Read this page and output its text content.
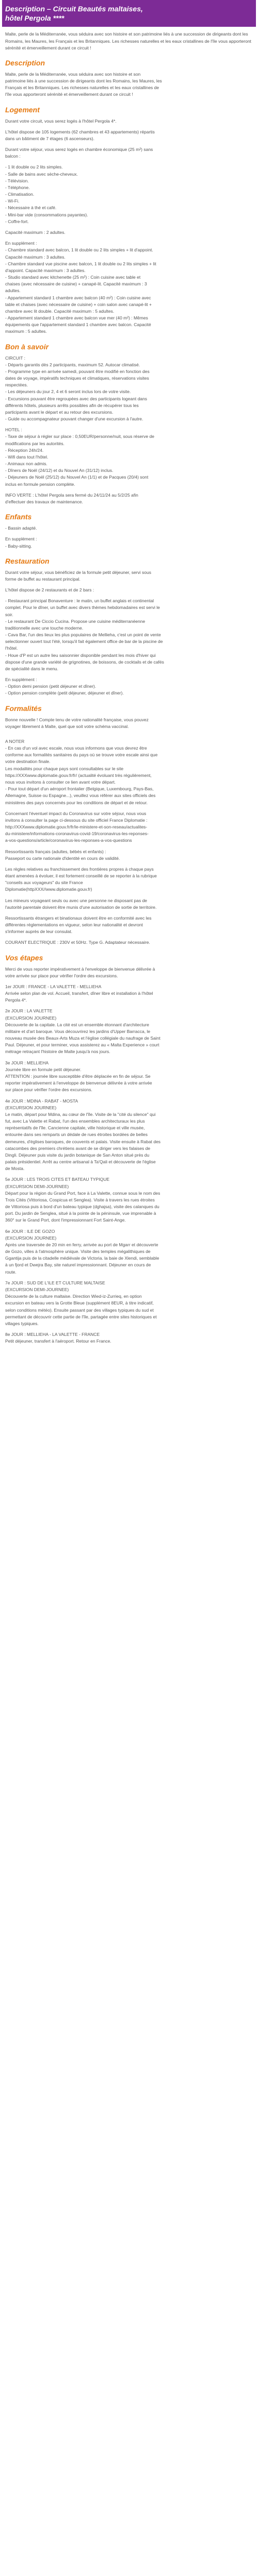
Description – Circuit Beautés maltaises,
hôtel Pergola ****

Malte, perle de la Méditerranée, vous séduira avec son histoire et son patrimoine liés à une succession de dirigeants dont les Romains, les Maures, les Français et les Britanniques. Les richesses naturelles et les eaux cristallines de l'île vous apporteront sérénité et émerveillement durant ce circuit !

Description
Malte, perle de la Méditerranée, vous séduira avec son histoire et son
patrimoine liés à une succession de dirigeants dont les Romains, les Maures, les
Français et les Britanniques. Les richesses naturelles et les eaux cristallines de
l'île vous apporteront sérénité et émerveillement durant ce circuit !
Logement
Durant votre circuit, vous serez logés à l'hôtel Pergola 4*.
L'hôtel dispose de 105 logements (62 chambres et 43 appartements) répartis
dans un bâtiment de 7 étages (6 ascenseurs).
Durant votre séjour, vous serez logés en chambre économique (25 m²) sans
balcon :
- 1 lit double ou 2 lits simples.
- Salle de bains avec sèche-cheveux.
- Télévision.
- Téléphone.
- Climatisation.
- Wi-Fi.
- Nécessaire à thé et café.
- Mini-bar vide (consommations payantes).
- Coffre-fort.
Capacité maximum : 2 adultes.
En supplément :
- Chambre standard avec balcon, 1 lit double ou 2 lits simples + lit d'appoint.
Capacité maximum : 3 adultes.
- Chambre standard vue piscine avec balcon, 1 lit double ou 2 lits simples + lit
d'appoint. Capacité maximum : 3 adultes.
- Studio standard avec kitchenette (25 m²) : Coin cuisine avec table et
chaises (avec nécessaire de cuisine) + canapé-lit. Capacité maximum : 3
adultes.
- Appartement standard 1 chambre avec balcon (40 m²) : Coin cuisine avec
table et chaises (avec nécessaire de cuisine) + coin salon avec canapé-lit +
chambre avec lit double. Capacité maximum : 5 adultes.
- Appartement standard 1 chambre avec balcon vue mer (40 m²) : Mêmes
équipements que l'appartement standard 1 chambre avec balcon. Capacité
maximum : 5 adultes.
Bon à savoir
CIRCUIT :
- Départs garantis dès 2 participants, maximum 52. Autocar climatisé.
- Programme type en arrivée samedi, pouvant être modifié en fonction des
dates de voyage, impératifs techniques et climatiques, réservations visites
respectées.
- Les déjeuners du jour 2, 4 et 6 seront inclus lors de votre visite.
- Excursions pouvant être regroupées avec des participants logeant dans
différents hôtels, plusieurs arrêts possibles afin de récupérer tous les
participants avant le départ et au retour des excursions.
- Guide ou accompagnateur pouvant changer d'une excursion à l'autre.
HOTEL :
- Taxe de séjour à régler sur place : 0,50EUR/personne/nuit, sous réserve de
modifications par les autorités.
- Réception 24h/24.
- Wifi dans tout l'hôtel.
- Animaux non admis.
- Dîners de Noël (24/12) et du Nouvel An (31/12) inclus.
- Déjeuners de Noël (25/12) du Nouvel An (1/1) et de Pacques (20/4) sont
inclus en formule pension complète.
INFO VERTE : L'hôtel Pergola sera fermé du 24/11/24 au 5/2/25 afin
d'effectuer des travaux de maintenance.
Enfants
- Bassin adapté.
En supplément :
- Baby-sitting.
Restauration
Durant votre séjour, vous bénéficiez de la formule petit déjeuner, servi sous
forme de buffet au restaurant principal.
L'hôtel dispose de 2 restaurants et de 2 bars :
- Restaurant principal Bonaventure : le matin, un buffet anglais et continental
complet. Pour le dîner, un buffet avec divers thèmes hebdomadaires est servi le
soir.
- Le restaurant De Ciccio Cucina. Propose une cuisine méditerranéenne
traditionnelle avec une touche moderne.
- Cava Bar, l'un des lieux les plus populaires de Mellieha, c'est un point de vente
selectionner ouvert tout l'été, lorsqu'il fait également office de bar de la piscine de
l'hôtel.
- Houe d'P est un autre lieu saisonnier disponible pendant les mois d'hiver qui
dispose d'une grande variété de grignotines, de boissons, de cocktails et de cafés
de spécialité dans le menu.
En supplément :
- Option demi pension (petit déjeuner et dîner).
- Option pension complète (petit déjeuner, déjeuner et dîner).
Formalités
Bonne nouvelle ! Compte tenu de votre nationalité française, vous pouvez
voyager librement à Malte, quel que soit votre schéma vaccinal.
A NOTER
- En cas d'un vol avec escale, nous vous informons que vous devrez être
conforme aux formalités sanitaires du pays où se trouve votre escale ainsi que
votre destination finale.
Les modalités pour chaque pays sont consultables sur le site
https://XXXwww.diplomatie.gouv.fr/fr/ (actualité évoluant très régulièrement,
nous vous invitons à consulter ce lien avant votre départ.
- Pour tout départ d'un aéroport frontalier (Belgique, Luxembourg, Pays-Bas,
Allemagne, Suisse ou Espagne...), veuillez vous référer aux sites officiels des
ministères des pays concernés pour les conditions de départ et de retour.
Concernant l'éventuel impact du Coronavirus sur votre séjour, nous vous
invitons à consulter la page ci-dessous du site officiel France Diplomatie :
http://XXXwww.diplomatie.gouv.fr/fr/le-ministere-et-son-reseau/actualites-
du-ministere/informations-coronavirus-covid-19/coronavirus-les-reponses-
a-vos-questions/article/coronavirus-les-reponses-a-vos-questions
Ressortissants français (adultes, bébés et enfants) :
Passeport ou carte nationale d'identité en cours de validité.
Les règles relatives au franchissement des frontières propres à chaque pays
étant amenées à évoluer, il est fortement conseillé de se reporter à la rubrique
"conseils aux voyageurs" du site France
Diplomatie(httpXXX//www.diplomatie.gouv.fr)
Les mineurs voyageant seuls ou avec une personne ne disposant pas de
l'autorité parentale doivent être munis d'une autorisation de sortie de territoire.
Ressortissants étrangers et binationaux doivent être en conformité avec les
différentes réglementations en vigueur, selon leur nationalité et devront
s'informer auprès de leur consulat.
COURANT ELECTRIQUE : 230V et 50Hz. Type G. Adaptateur nécessaire.
Vos étapes
Merci de vous reporter impérativement à l'enveloppe de bienvenue délivrée à
votre arrivée sur place pour vérifier l'ordre des excursions.
1er JOUR : FRANCE - LA VALETTE - MELLIEHA
Arrivée selon plan de vol. Accueil, transfert, dîner libre et installation à l'hôtel
Pergola 4*.
2e JOUR : LA VALETTE
(EXCURSION JOURNEE)
Découverte de la capitale. La cité est un ensemble étonnant d'architecture
militaire et d'art baroque. Vous découvrirez les jardins d'Upper Barracca, le
nouveau musée des Beaux-Arts Muza et l'église collégiale du naufrage de Saint
Paul. Déjeuner, et pour terminer, vous assisterez au « Malta Experience » court
métrage retraçant l'histoire de Malte jusqu'à nos jours.
3e JOUR : MELLIEHA
Journée libre en formule petit déjeuner.
ATTENTION : journée libre susceptible d'être déplacée en fin de séjour. Se
reporter impérativement à l'enveloppe de bienvenue délivrée à votre arrivée
sur place pour vérifier l'ordre des excursions.
4e JOUR : MDINA - RABAT - MOSTA
(EXCURSION JOURNEE)
Le matin, départ pour Mdina, au cœur de l'île. Visite de la "cité du silence" qui
fut, avec La Valette et Rabat, l'un des ensembles architecturaux les plus
représentatifs de l'île. Cancienne capitale, ville historique et ville musée,
entourée dans ses remparts un dédale de rues étroites bordées de belles
demeures, d'églises baroques, de couvents et palais. Visite ensuite à Rabat des
catacombes des premiers chrétiens avant de se diriger vers les falaises de
Dingli. Déjeuner puis visite du jardin botanique de San Anton situé près du
palais présidentiel. Arrêt au centre artisanal à Ta'Qali et découverte de l'église
de Mosta.
5e JOUR : LES TROIS CITES ET BATEAU TYPIQUE
(EXCURSION DEMI-JOURNEE)
Départ pour la région du Grand Port, face à La Valette, connue sous le nom des
Trois Cités (Vittoriosa, Cospicua et Senglea). Visite à travers les rues étroites
de Vittoriosa puis à bord d'un bateau typique (dghajsa), visite des calanques du
port. Du jardin de Senglea, situé à la pointe de la péninsule, vue imprenable à
360° sur le Grand Port, dont l'impressionnant Fort Saint-Ange.
6e JOUR : ILE DE GOZO
(EXCURSION JOURNEE)
Après une traversée de 20 min en ferry, arrivée au port de Mgarr et découverte
de Gozo, villes à l'atmosphère unique. Visite des temples mégalithiques de
Ggantija puis de la citadelle médiévale de Victoria. la baie de Xlendi, semblable
à un fjord et Dwejra Bay, site naturel impressionnant. Déjeuner en cours de
route.
7e JOUR : SUD DE L'ILE ET CULTURE MALTAISE
(EXCURSION DEMI-JOURNEE)
Découverte de la culture maltaise. Direction Wied-iz-Zurrieq, en option
excursion en bateau vers la Grotte Bleue (supplément 8EUR, à titre indicatif,
selon conditions météo). Ensuite passant par des villages typiques du sud et
permettant de découvrir cette partie de l'île, partagée entre sites historiques et
villages typiques.
8e JOUR : MELLIEHA - LA VALETTE - FRANCE
Petit déjeuner, transfert à l'aéroport. Retour en France.
